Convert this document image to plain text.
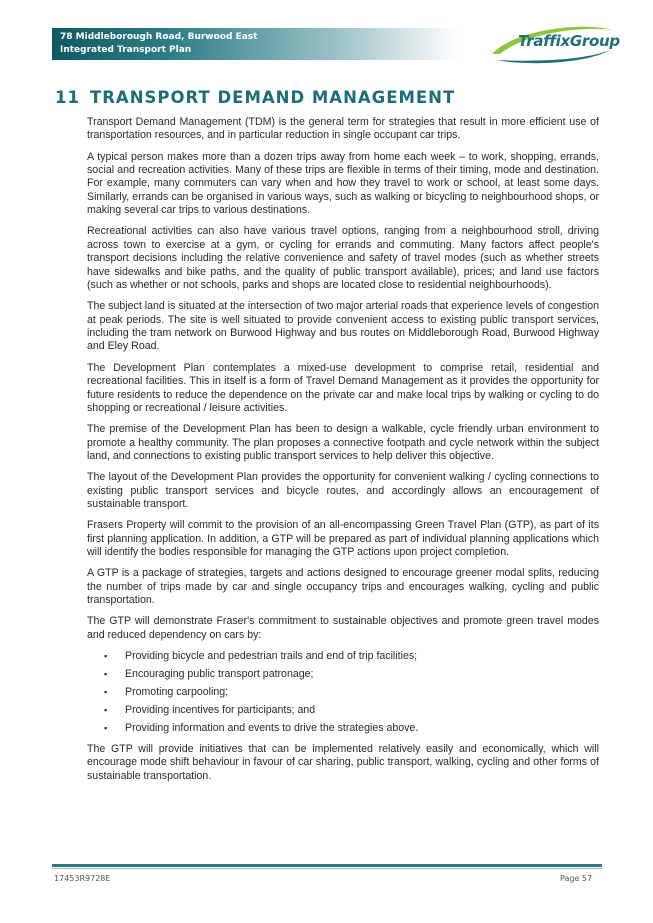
78 Middleborough Road, Burwood East
Integrated Transport Plan	TraffixGroup
11 TRANSPORT DEMAND MANAGEMENT

Transport Demand Management (TDM) is the general term for strategies that result in more efficient use of transportation resources, and in particular reduction in single occupant car trips.

A typical person makes more than a dozen trips away from home each week – to work, shopping, errands, social and recreation activities. Many of these trips are flexible in terms of their timing, mode and destination. For example, many commuters can vary when and how they travel to work or school, at least some days. Similarly, errands can be organised in various ways, such as walking or bicycling to neighbourhood shops, or making several car trips to various destinations.

Recreational activities can also have various travel options, ranging from a neighbourhood stroll, driving across town to exercise at a gym, or cycling for errands and commuting. Many factors affect people's transport decisions including the relative convenience and safety of travel modes (such as whether streets have sidewalks and bike paths, and the quality of public transport available), prices; and land use factors (such as whether or not schools, parks and shops are located close to residential neighbourhoods).

The subject land is situated at the intersection of two major arterial roads that experience levels of congestion at peak periods. The site is well situated to provide convenient access to existing public transport services, including the tram network on Burwood Highway and bus routes on Middleborough Road, Burwood Highway and Eley Road.

The Development Plan contemplates a mixed-use development to comprise retail, residential and recreational facilities. This in itself is a form of Travel Demand Management as it provides the opportunity for future residents to reduce the dependence on the private car and make local trips by walking or cycling to do shopping or recreational / leisure activities.

The premise of the Development Plan has been to design a walkable, cycle friendly urban environment to promote a healthy community. The plan proposes a connective footpath and cycle network within the subject land, and connections to existing public transport services to help deliver this objective.

The layout of the Development Plan provides the opportunity for convenient walking / cycling connections to existing public transport services and bicycle routes, and accordingly allows an encouragement of sustainable transport.

Frasers Property will commit to the provision of an all-encompassing Green Travel Plan (GTP), as part of its first planning application. In addition, a GTP will be prepared as part of individual planning applications which will identify the bodies responsible for managing the GTP actions upon project completion.

A GTP is a package of strategies, targets and actions designed to encourage greener modal splits, reducing the number of trips made by car and single occupancy trips and encourages walking, cycling and public transportation.

The GTP will demonstrate Fraser's commitment to sustainable objectives and promote green travel modes and reduced dependency on cars by:

▪ Providing bicycle and pedestrian trails and end of trip facilities;
▪ Encouraging public transport patronage;
▪ Promoting carpooling;
▪ Providing incentives for participants; and
▪ Providing information and events to drive the strategies above.

The GTP will provide initiatives that can be implemented relatively easily and economically, which will encourage mode shift behaviour in favour of car sharing, public transport, walking, cycling and other forms of sustainable transportation.

17453R9728E	Page 57
